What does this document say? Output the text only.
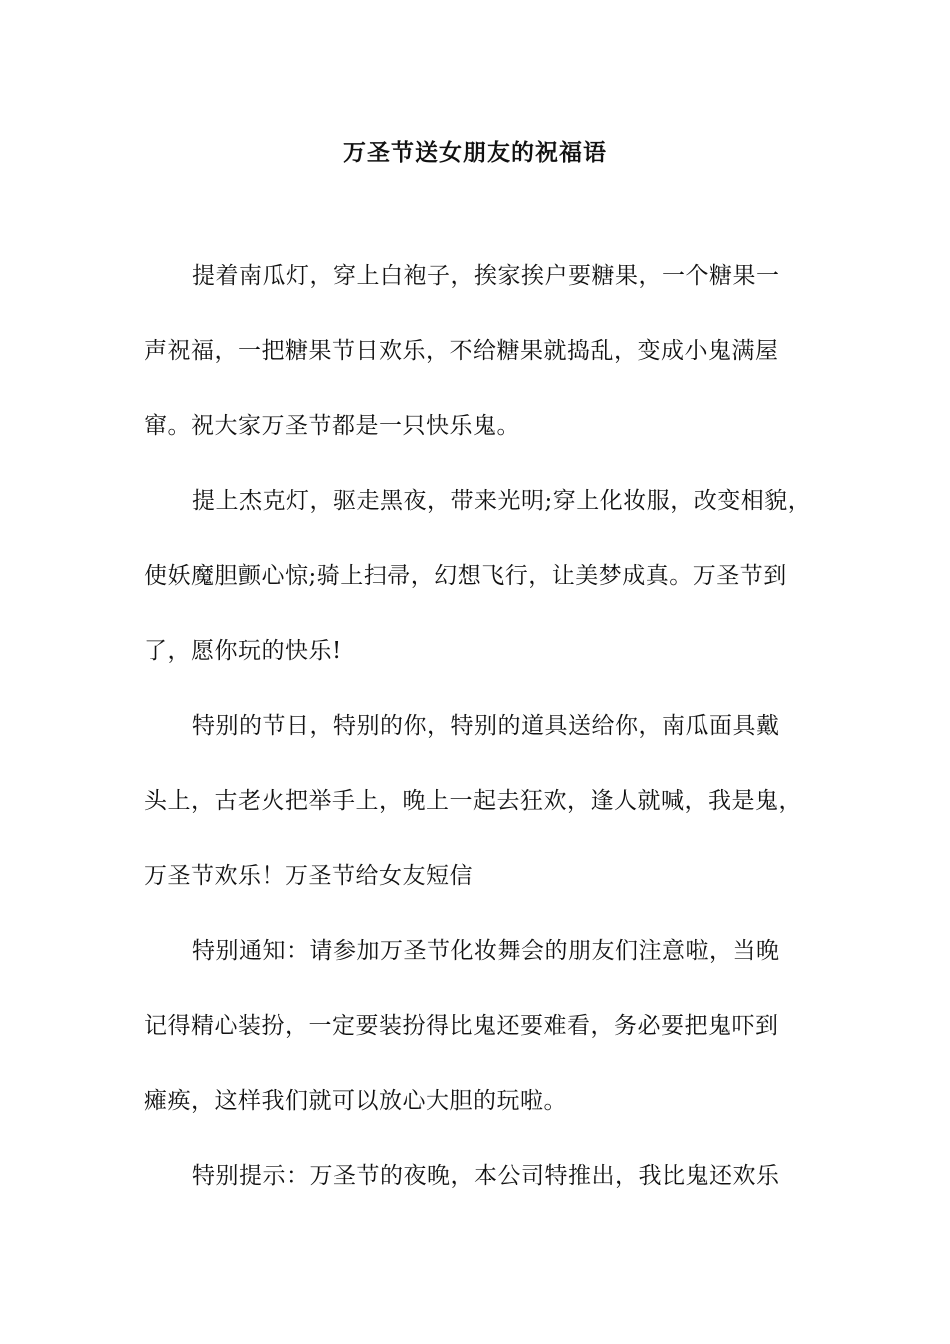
万圣节送女朋友的祝福语
提着南瓜灯，穿上白袍子，挨家挨户要糖果，一个糖果一
声祝福，一把糖果节日欢乐，不给糖果就捣乱，变成小鬼满屋
窜。祝大家万圣节都是一只快乐鬼。
提上杰克灯，驱走黑夜，带来光明;穿上化妆服，改变相貌，
使妖魔胆颤心惊;骑上扫帚，幻想飞行，让美梦成真。万圣节到
了，愿你玩的快乐!
特别的节日，特别的你，特别的道具送给你，南瓜面具戴
头上，古老火把举手上，晚上一起去狂欢，逢人就喊，我是鬼，
万圣节欢乐！万圣节给女友短信
特别通知：请参加万圣节化妆舞会的朋友们注意啦，当晚
记得精心装扮，一定要装扮得比鬼还要难看，务必要把鬼吓到
瘫痪，这样我们就可以放心大胆的玩啦。
特别提示：万圣节的夜晚，本公司特推出，我比鬼还欢乐
